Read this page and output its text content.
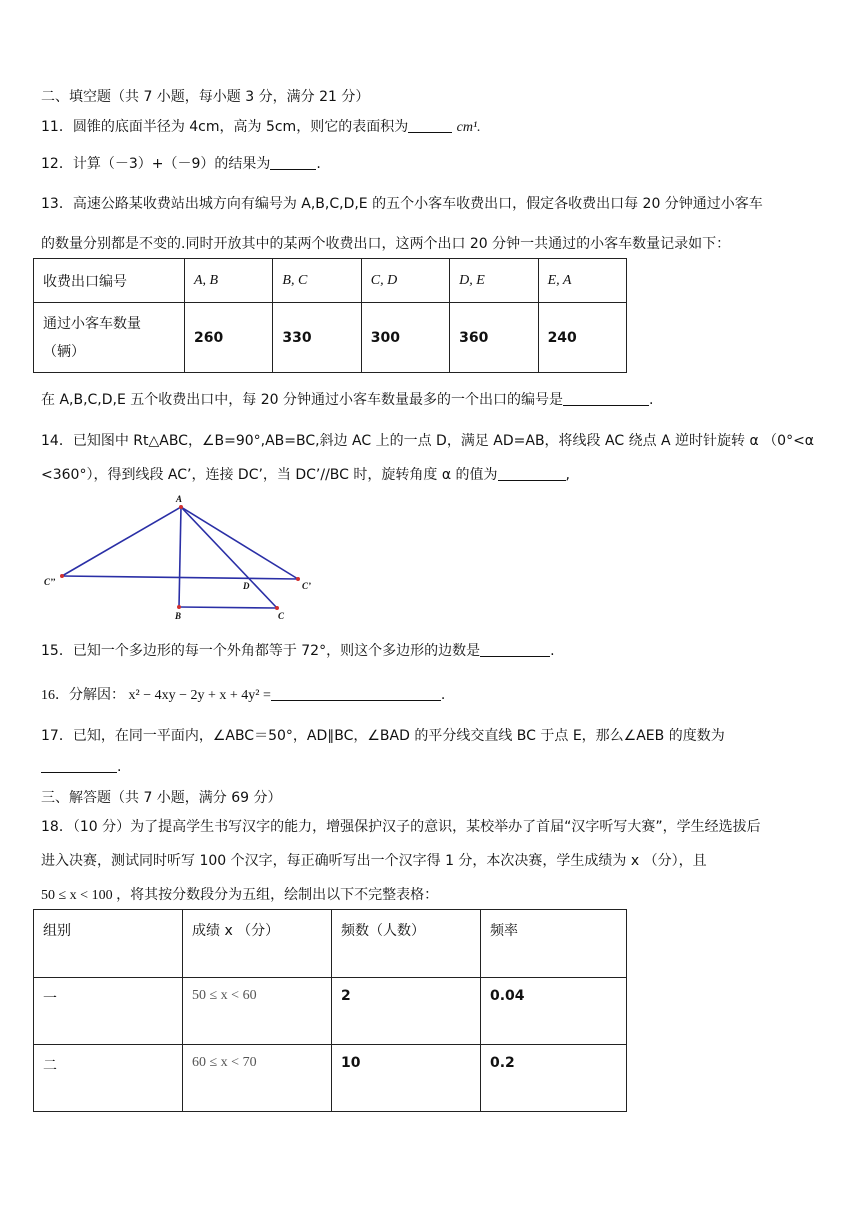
二、填空题（共 7 小题，每小题 3 分，满分 21 分）
11．圆锥的底面半径为 4cm，高为 5cm，则它的表面积为	cm¹.
12．计算（－3）+（－9）的结果为	.
13．高速公路某收费站出城方向有编号为 A,B,C,D,E 的五个小客车收费出口，假定各收费出口每 20 分钟通过小客车
的数量分别都是不变的.同时开放其中的某两个收费出口，这两个出口 20 分钟一共通过的小客车数量记录如下：
收费出口编号	A, B	B, C	C, D	D, E	E, A
通过小客车数量（辆）	260	330	300	360	240
在 A,B,C,D,E 五个收费出口中，每 20 分钟通过小客车数量最多的一个出口的编号是	.
14．已知图中 Rt△ABC，∠B=90°,AB=BC,斜边 AC 上的一点 D，满足 AD=AB，将线段 AC 绕点 A 逆时针旋转 α （0°<α
<360°），得到线段 AC’，连接 DC’，当 DC’//BC 时，旋转角度 α 的值为	,
A
C’’	C’
D
B	C
15．已知一个多边形的每一个外角都等于 72°，则这个多边形的边数是	.
16．分解因： x² − 4xy − 2y + x + 4y² =	.
17．已知，在同一平面内，∠ABC＝50°，AD∥BC，∠BAD 的平分线交直线 BC 于点 E，那么∠AEB 的度数为
.
三、解答题（共 7 小题，满分 69 分）
18．（10 分）为了提高学生书写汉字的能力，增强保护汉子的意识，某校举办了首届“汉字听写大赛”，学生经选拔后
进入决赛，测试同时听写 100 个汉字，每正确听写出一个汉字得 1 分，本次决赛，学生成绩为 x （分），且
50 ≤ x < 100 ，将其按分数段分为五组，绘制出以下不完整表格：
组别	成绩 x （分）	频数（人数）	频率
一	50 ≤ x < 60	2	0.04
二	60 ≤ x < 70	10	0.2
